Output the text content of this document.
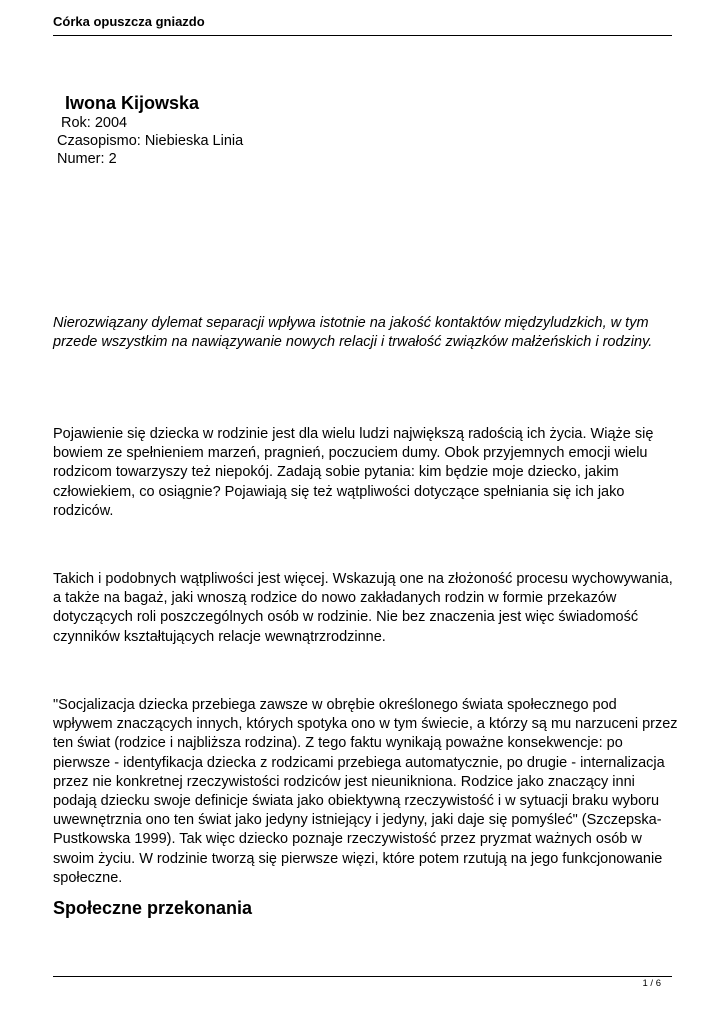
Córka opuszcza gniazdo
Iwona Kijowska
Rok: 2004
Czasopismo: Niebieska Linia
Numer: 2

Nierozwiązany dylemat separacji wpływa istotnie na jakość kontaktów międzyludzkich, w tym przede wszystkim na nawiązywanie nowych relacji i trwałość związków małżeńskich i rodziny.

Pojawienie się dziecka w rodzinie jest dla wielu ludzi największą radością ich życia. Wiąże się bowiem ze spełnieniem marzeń, pragnień, poczuciem dumy. Obok przyjemnych emocji wielu rodzicom towarzyszy też niepokój. Zadają sobie pytania: kim będzie moje dziecko, jakim człowiekiem, co osiągnie? Pojawiają się też wątpliwości dotyczące spełniania się ich jako rodziców.

Takich i podobnych wątpliwości jest więcej. Wskazują one na złożoność procesu wychowywania, a także na bagaż, jaki wnoszą rodzice do nowo zakładanych rodzin w formie przekazów dotyczących roli poszczególnych osób w rodzinie. Nie bez znaczenia jest więc świadomość czynników kształtujących relacje wewnątrzrodzinne.

"Socjalizacja dziecka przebiega zawsze w obrębie określonego świata społecznego pod wpływem znaczących innych, których spotyka ono w tym świecie, a którzy są mu narzuceni przez ten świat (rodzice i najbliższa rodzina). Z tego faktu wynikają poważne konsekwencje: po pierwsze - identyfikacja dziecka z rodzicami przebiega automatycznie, po drugie - internalizacja przez nie konkretnej rzeczywistości rodziców jest nieunikniona. Rodzice jako znaczący inni podają dziecku swoje definicje świata jako obiektywną rzeczywistość i w sytuacji braku wyboru uwewnętrznia ono ten świat jako jedyny istniejący i jedyny, jaki daje się pomyśleć" (Szczepska-Pustkowska 1999). Tak więc dziecko poznaje rzeczywistość przez pryzmat ważnych osób w swoim życiu. W rodzinie tworzą się pierwsze więzi, które potem rzutują na jego funkcjonowanie społeczne.

Społeczne przekonania
1 / 6
